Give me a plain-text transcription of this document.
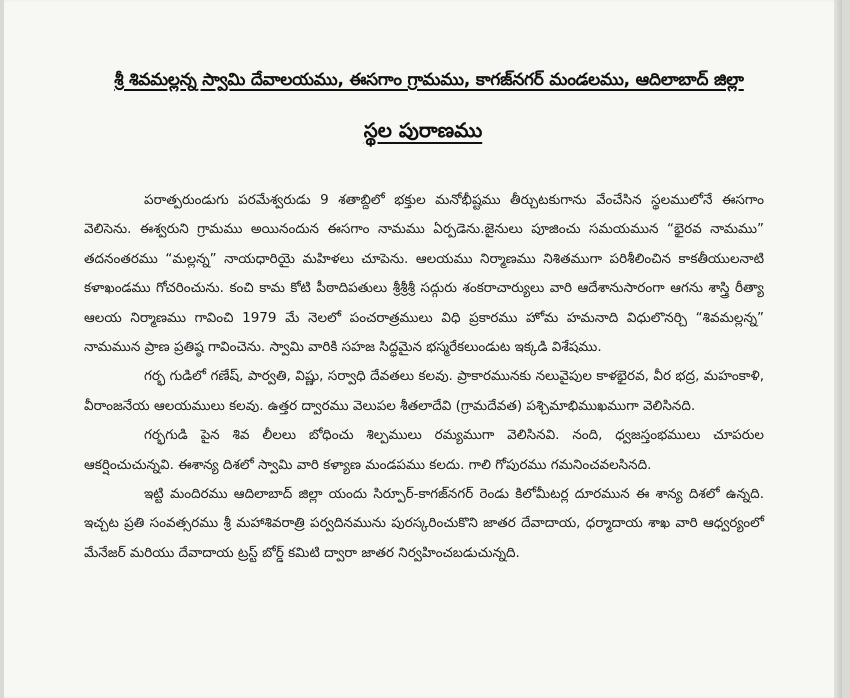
శ్రీ శివమల్లన్న స్వామి దేవాలయము, ఈసగాం గ్రామము, కాగజ్‌నగర్ మండలము, ఆదిలాబాద్ జిల్లా
స్థల పురాణము

పరాత్పరుండుగు పరమేశ్వరుడు 9 శతాబ్దిలో భక్తుల మనోభీష్టము తీర్చుటకుగాను వేంచేసిన స్థలములోనే ఈసగాం వెలిసెను. ఈశ్వరుని గ్రామము అయినందున ఈసగాం నామము ఏర్పడెను.జైనులు పూజించు సమయమున “భైరవ నామము” తదనంతరము “మల్లన్న” నాయధారియై మహిళలు చూపెను. ఆలయము నిర్మాణము నిశితముగా పరిశీలించిన కాకతీయులనాటి కళాఖండము గోచరించును. కంచి కామ కోటి పీఠాదిపతులు శ్రీశ్రీశ్రీ సద్గురు శంకరాచార్యులు వారి ఆదేశానుసారంగా ఆగను శాస్త్రి రీత్యా ఆలయ నిర్మాణము గావించి 1979 మే నెలలో పంచరాత్రములు విధి ప్రకారము హోమ హమనాది విధులొనర్చి “శివమల్లన్న” నామమున ప్రాణ ప్రతిష్ఠ గావించెను. స్వామి వారికి సహజ సిద్ధమైన భస్మరేకలుండుట ఇక్కడి విశేషము.

గర్భ గుడిలో గణేష్, పార్వతి, విష్ణు, సర్వాధి దేవతలు కలవు. ప్రాకారమునకు నలువైపుల కాళభైరవ, వీర భద్ర, మహంకాళి, వీరాంజనేయ ఆలయములు కలవు. ఉత్తర ద్వారము వెలుపల శీతలాదేవి (గ్రామదేవత) పశ్చిమాభిముఖముగా వెలిసినది.

గర్భగుడి పైన శివ లీలలు బోధించు శిల్పములు రమ్యముగా వెలిసినవి. నంది, ధ్వజస్తంభములు చూపరుల ఆకర్షించుచున్నవి. ఈశాన్య దిశలో స్వామి వారి కళ్యాణ మండపము కలదు. గాలి గోపురము గమనించవలసినది.

ఇట్టి మందిరము ఆదిలాబాద్ జిల్లా యందు సిర్పూర్-కాగజ్‌నగర్ రెండు కిలోమీటర్ల దూరమున ఈ శాన్య దిశలో ఉన్నది. ఇచ్చట ప్రతి సంవత్సరము శ్రీ మహాశివరాత్రి పర్వదినమును పురస్కరించుకొని జాతర దేవాదాయ, ధర్మాదాయ శాఖ వారి ఆధ్వర్యంలో మేనేజర్ మరియు దేవాదాయ ట్రస్ట్ బోర్డ్ కమిటి ద్వారా జాతర నిర్వహించబడుచున్నది.
